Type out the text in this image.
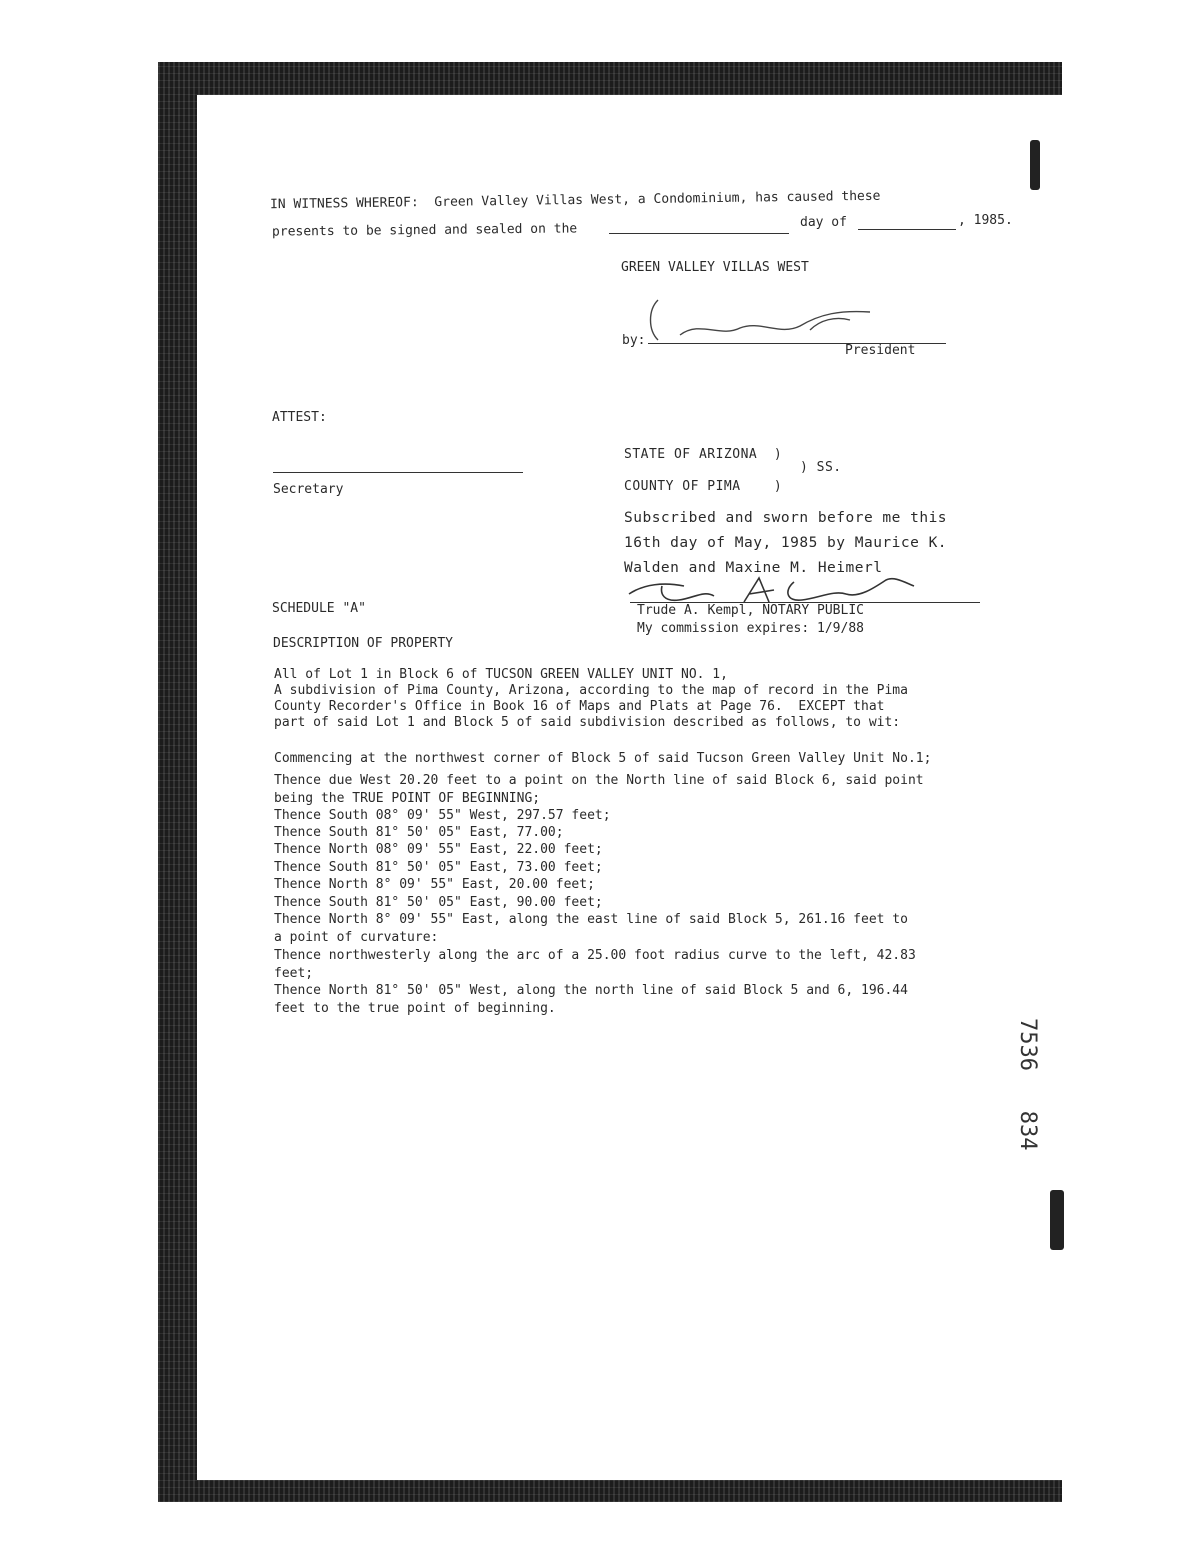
IN WITNESS WHEREOF:  Green Valley Villas West, a Condominium, has caused these
presents to be signed and sealed on the	day of	, 1985.
GREEN VALLEY VILLAS WEST
by:
President
ATTEST:
Secretary
STATE OF ARIZONA  )
) SS.
COUNTY OF PIMA    )
Subscribed and sworn before me this
16th day of May, 1985 by Maurice K.
Walden and Maxine M. Heimerl
Trude A. Kempl, NOTARY PUBLIC
My commission expires: 1/9/88
SCHEDULE "A"
DESCRIPTION OF PROPERTY
All of Lot 1 in Block 6 of TUCSON GREEN VALLEY UNIT NO. 1,
A subdivision of Pima County, Arizona, according to the map of record in the Pima
County Recorder's Office in Book 16 of Maps and Plats at Page 76.  EXCEPT that
part of said Lot 1 and Block 5 of said subdivision described as follows, to wit:
Commencing at the northwest corner of Block 5 of said Tucson Green Valley Unit No.1;
Thence due West 20.20 feet to a point on the North line of said Block 6, said point
being the TRUE POINT OF BEGINNING;
Thence South 08° 09' 55" West, 297.57 feet;
Thence South 81° 50' 05" East, 77.00;
Thence North 08° 09' 55" East, 22.00 feet;
Thence South 81° 50' 05" East, 73.00 feet;
Thence North 8° 09' 55" East, 20.00 feet;
Thence South 81° 50' 05" East, 90.00 feet;
Thence North 8° 09' 55" East, along the east line of said Block 5, 261.16 feet to
a point of curvature:
Thence northwesterly along the arc of a 25.00 foot radius curve to the left, 42.83
feet;
Thence North 81° 50' 05" West, along the north line of said Block 5 and 6, 196.44
feet to the true point of beginning.
7536   834
